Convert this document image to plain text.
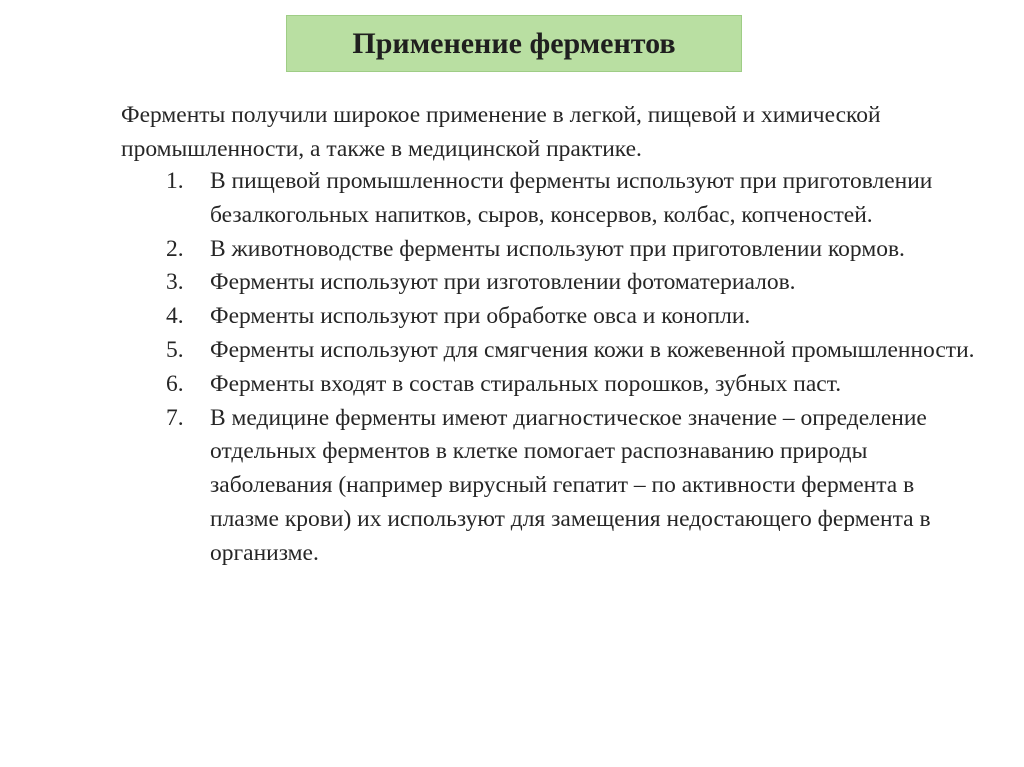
Применение ферментов
Ферменты получили широкое применение в легкой, пищевой и химической промышленности, а также в медицинской практике.
1.	В пищевой промышленности ферменты используют при приготовлении безалкогольных напитков, сыров, консервов, колбас, копченостей.
2.	В животноводстве ферменты используют при приготовлении кормов.
3.	Ферменты используют при изготовлении фотоматериалов.
4.	Ферменты используют при обработке овса и конопли.
5.	Ферменты используют для смягчения кожи в кожевенной промышленности.
6.	Ферменты входят в состав стиральных порошков, зубных паст.
7.	В медицине ферменты имеют диагностическое значение – определение отдельных ферментов в клетке помогает распознаванию природы заболевания (например вирусный гепатит – по активности фермента в плазме крови) их используют для замещения недостающего фермента в организме.
